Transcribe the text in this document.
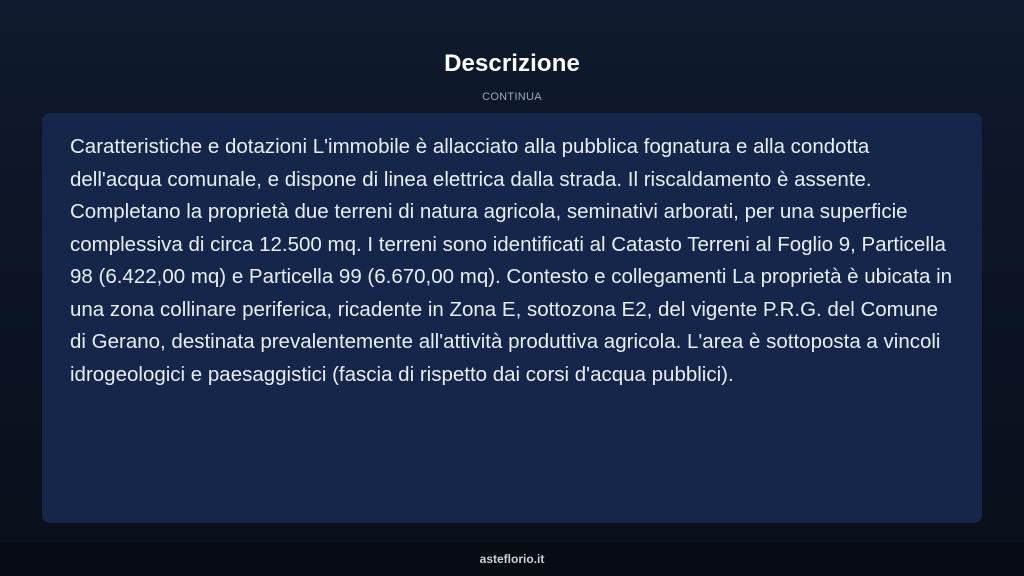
Descrizione
CONTINUA

Caratteristiche e dotazioni L'immobile è allacciato alla pubblica fognatura e alla condotta dell'acqua comunale, e dispone di linea elettrica dalla strada. Il riscaldamento è assente. Completano la proprietà due terreni di natura agricola, seminativi arborati, per una superficie complessiva di circa 12.500 mq. I terreni sono identificati al Catasto Terreni al Foglio 9, Particella 98 (6.422,00 mq) e Particella 99 (6.670,00 mq). Contesto e collegamenti La proprietà è ubicata in una zona collinare periferica, ricadente in Zona E, sottozona E2, del vigente P.R.G. del Comune di Gerano, destinata prevalentemente all'attività produttiva agricola. L'area è sottoposta a vincoli idrogeologici e paesaggistici (fascia di rispetto dai corsi d'acqua pubblici).

asteflorio.it
